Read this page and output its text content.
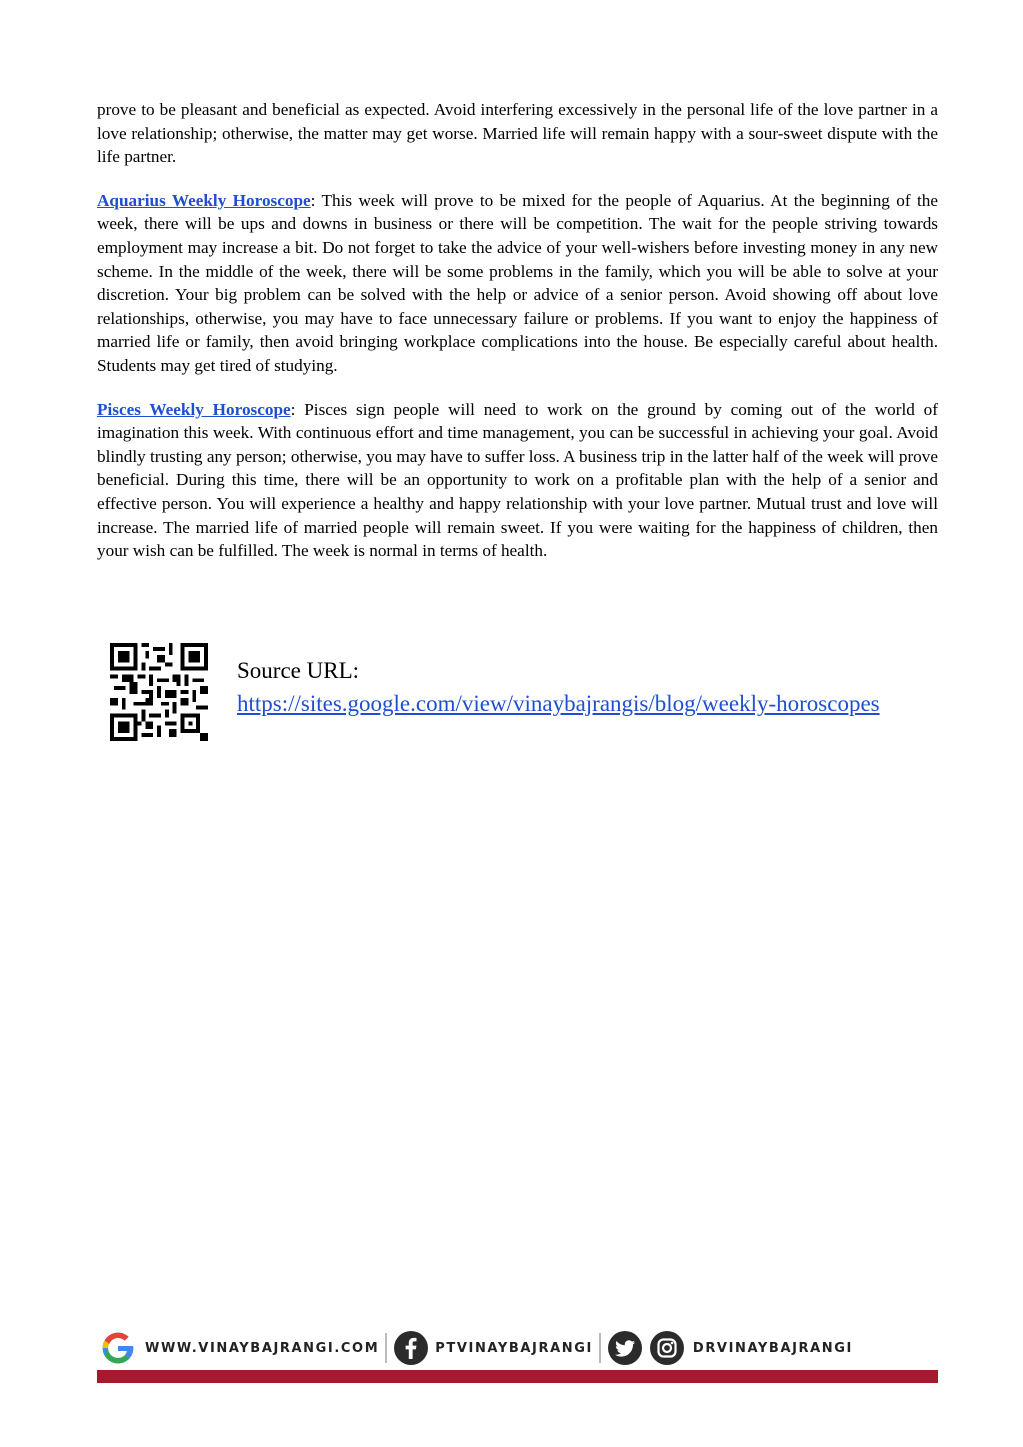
prove to be pleasant and beneficial as expected. Avoid interfering excessively in the personal life of the love partner in a love relationship; otherwise, the matter may get worse. Married life will remain happy with a sour-sweet dispute with the life partner.

Aquarius Weekly Horoscope: This week will prove to be mixed for the people of Aquarius. At the beginning of the week, there will be ups and downs in business or there will be competition. The wait for the people striving towards employment may increase a bit. Do not forget to take the advice of your well-wishers before investing money in any new scheme. In the middle of the week, there will be some problems in the family, which you will be able to solve at your discretion. Your big problem can be solved with the help or advice of a senior person. Avoid showing off about love relationships, otherwise, you may have to face unnecessary failure or problems. If you want to enjoy the happiness of married life or family, then avoid bringing workplace complications into the house. Be especially careful about health. Students may get tired of studying.

Pisces Weekly Horoscope: Pisces sign people will need to work on the ground by coming out of the world of imagination this week. With continuous effort and time management, you can be successful in achieving your goal. Avoid blindly trusting any person; otherwise, you may have to suffer loss. A business trip in the latter half of the week will prove beneficial. During this time, there will be an opportunity to work on a profitable plan with the help of a senior and effective person. You will experience a healthy and happy relationship with your love partner. Mutual trust and love will increase. The married life of married people will remain sweet. If you were waiting for the happiness of children, then your wish can be fulfilled. The week is normal in terms of health.

Source URL:
https://sites.google.com/view/vinaybajrangis/blog/weekly-horoscopes
WWW.VINAYBAJRANGI.COM	PTVINAYBAJRANGI	DRVINAYBAJRANGI
